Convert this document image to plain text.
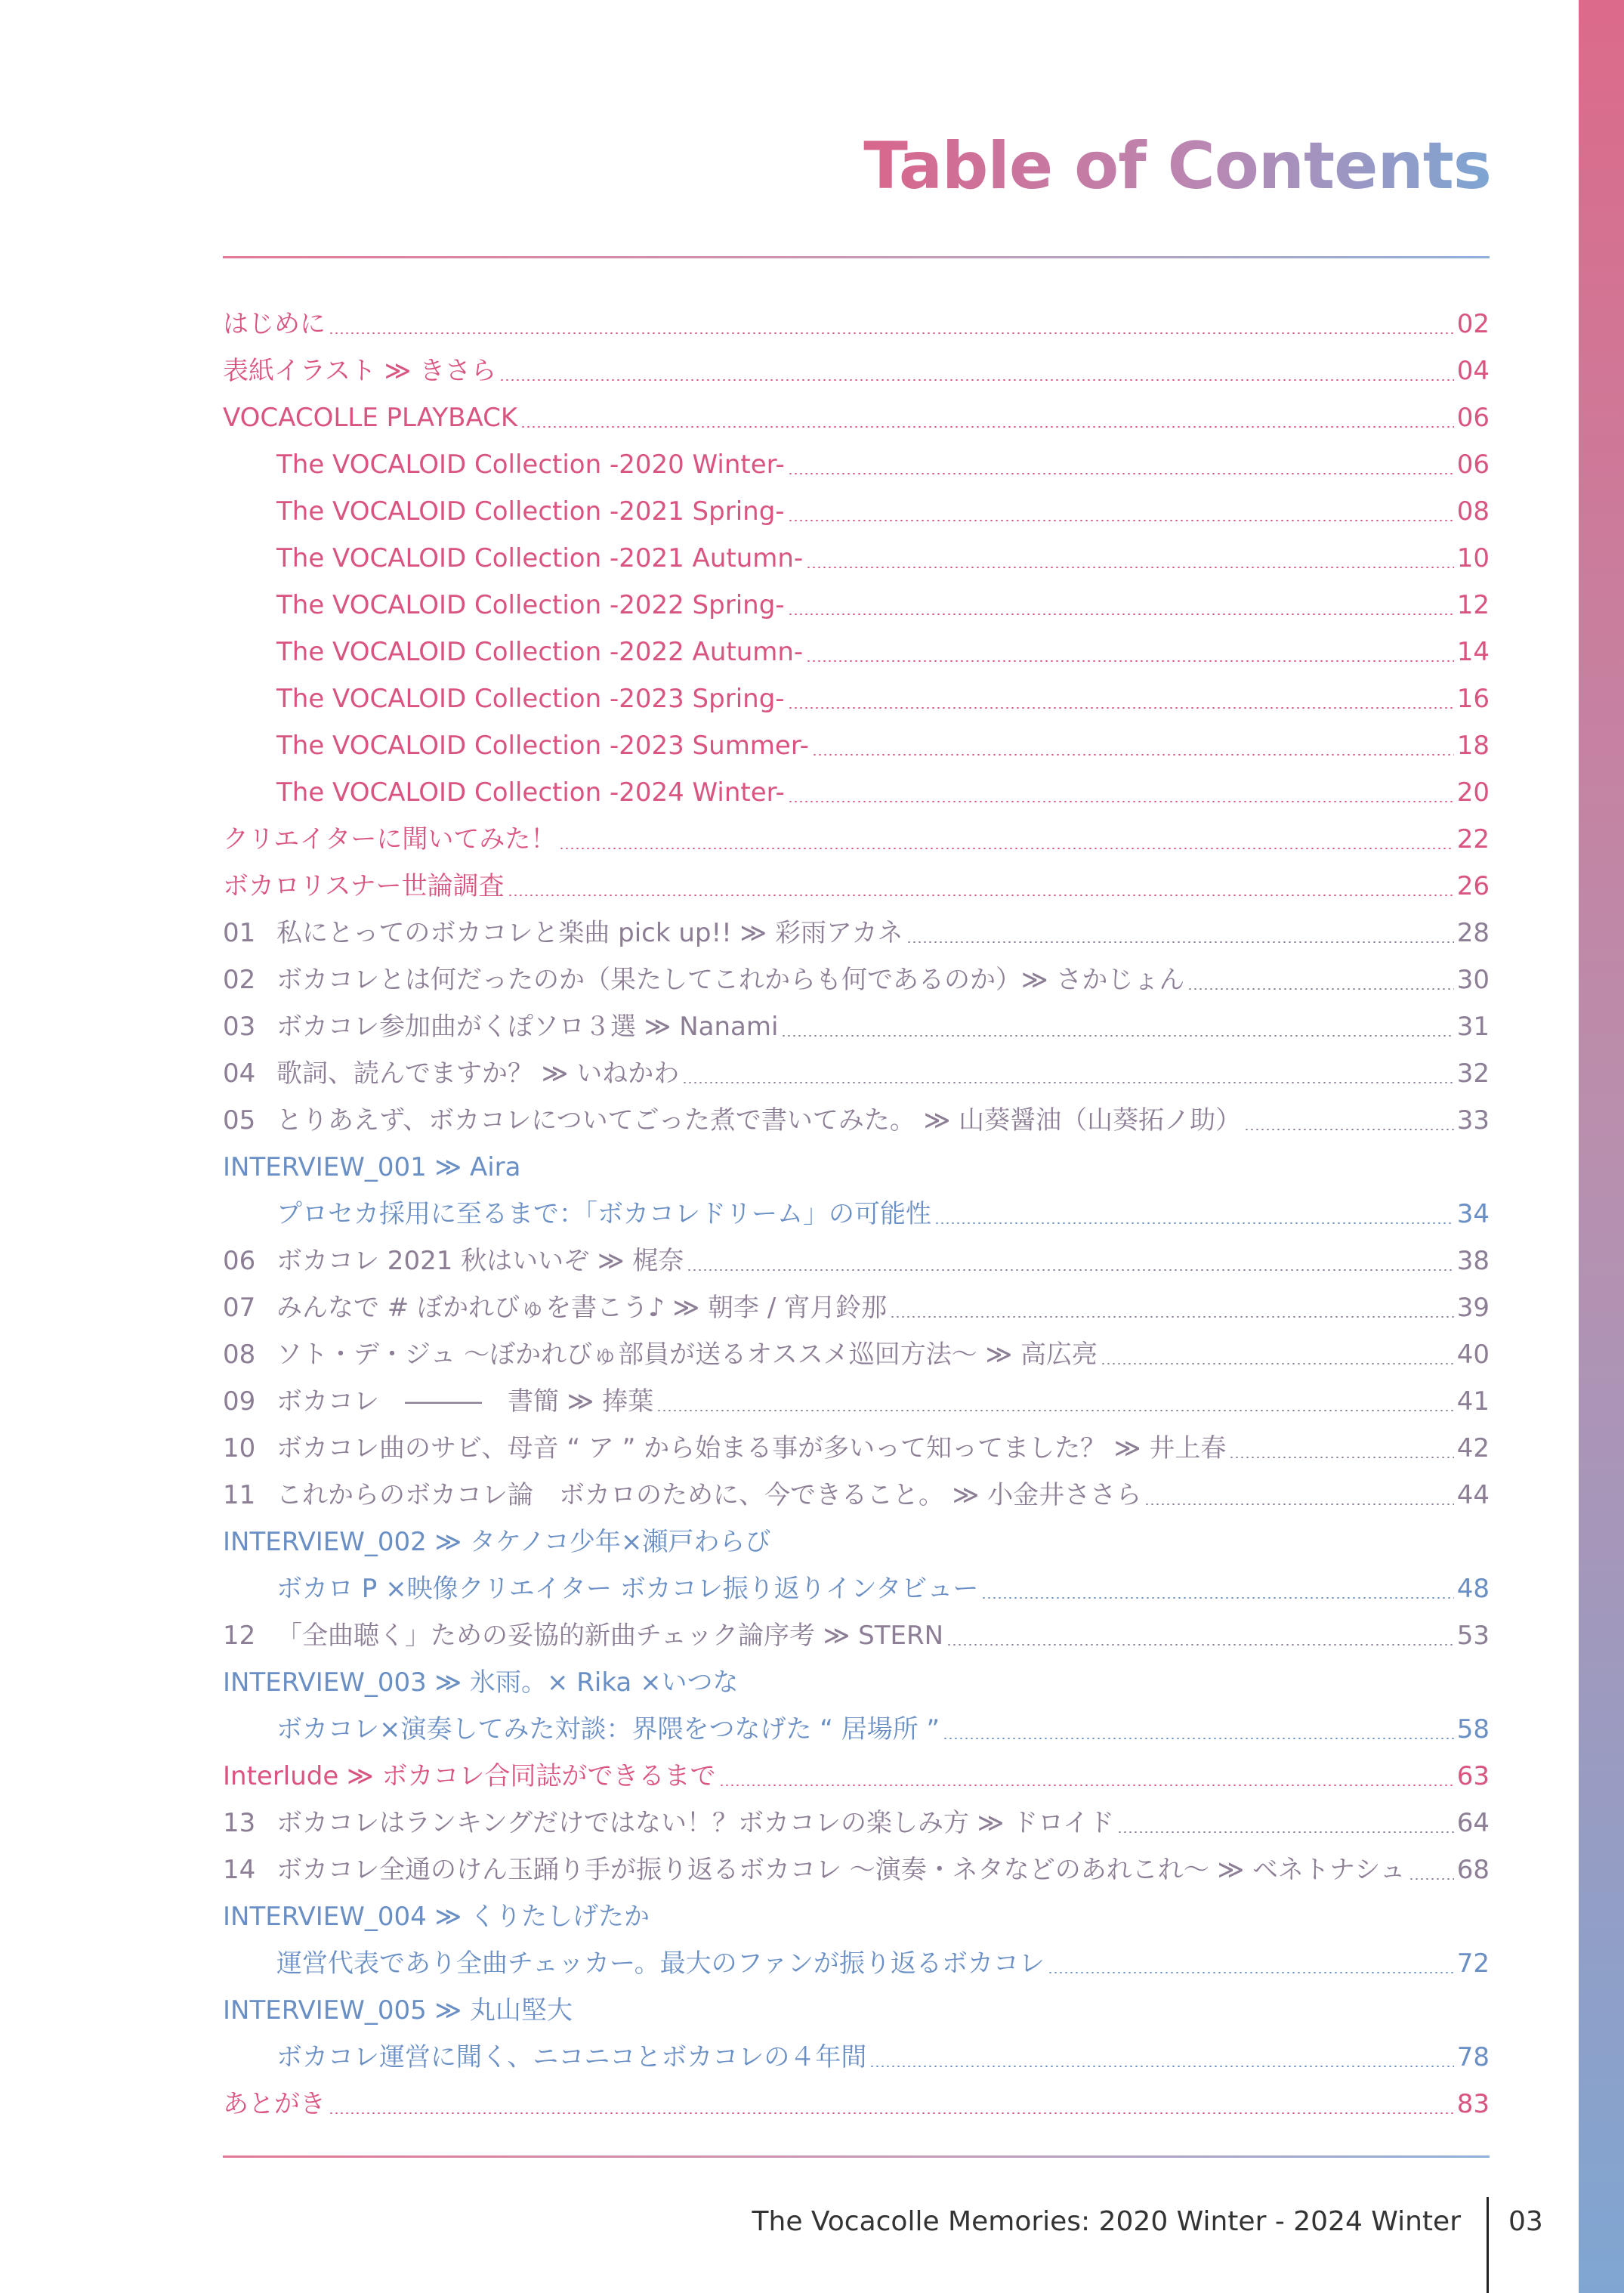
Table of Contents
はじめに	02
表紙イラスト ≫ きさら	04
VOCACOLLE PLAYBACK	06
The VOCALOID Collection -2020 Winter-	06
The VOCALOID Collection -2021 Spring-	08
The VOCALOID Collection -2021 Autumn-	10
The VOCALOID Collection -2022 Spring-	12
The VOCALOID Collection -2022 Autumn-	14
The VOCALOID Collection -2023 Spring-	16
The VOCALOID Collection -2023 Summer-	18
The VOCALOID Collection -2024 Winter-	20
クリエイターに聞いてみた！	22
ボカロリスナー世論調査	26
01 私にとってのボカコレと楽曲 pick up!! ≫ 彩雨アカネ	28
02 ボカコレとは何だったのか（果たしてこれからも何であるのか）≫ さかじょん	30
03 ボカコレ参加曲がくぽソロ３選 ≫ Nanami	31
04 歌詞、読んでますか？ ≫ いねかわ	32
05 とりあえず、ボカコレについてごった煮で書いてみた。 ≫ 山葵醤油（山葵拓ノ助）	33
INTERVIEW_001 ≫ Aira
プロセカ採用に至るまで：「ボカコレドリーム」の可能性	34
06 ボカコレ 2021 秋はいいぞ ≫ 梶奈	38
07 みんなで # ぼかれびゅを書こう♪ ≫ 朝李 / 宵月鈴那	39
08 ソト・デ・ジュ 〜ぼかれびゅ部員が送るオススメ巡回方法〜 ≫ 高広亮	40
09 ボカコレ　―――　書簡 ≫ 捧葉	41
10 ボカコレ曲のサビ、母音 “ ア ” から始まる事が多いって知ってました？ ≫ 井上春	42
11 これからのボカコレ論　ボカロのために、今できること。 ≫ 小金井ささら	44
INTERVIEW_002 ≫ タケノコ少年×瀬戸わらび
ボカロ P ×映像クリエイター ボカコレ振り返りインタビュー	48
12 「全曲聴く」ための妥協的新曲チェック論序考 ≫ STERN	53
INTERVIEW_003 ≫ 氷雨。× Rika ×いつな
ボカコレ×演奏してみた対談：界隈をつなげた “ 居場所 ”	58
Interlude ≫ ボカコレ合同誌ができるまで	63
13 ボカコレはランキングだけではない！？ボカコレの楽しみ方 ≫ ドロイド	64
14 ボカコレ全通のけん玉踊り手が振り返るボカコレ 〜演奏・ネタなどのあれこれ〜 ≫ ベネトナシュ 68
INTERVIEW_004 ≫ くりたしげたか
運営代表であり全曲チェッカー。最大のファンが振り返るボカコレ	72
INTERVIEW_005 ≫ 丸山堅大
ボカコレ運営に聞く、ニコニコとボカコレの４年間	78
あとがき	83
The Vocacolle Memories: 2020 Winter - 2024 Winter 03
